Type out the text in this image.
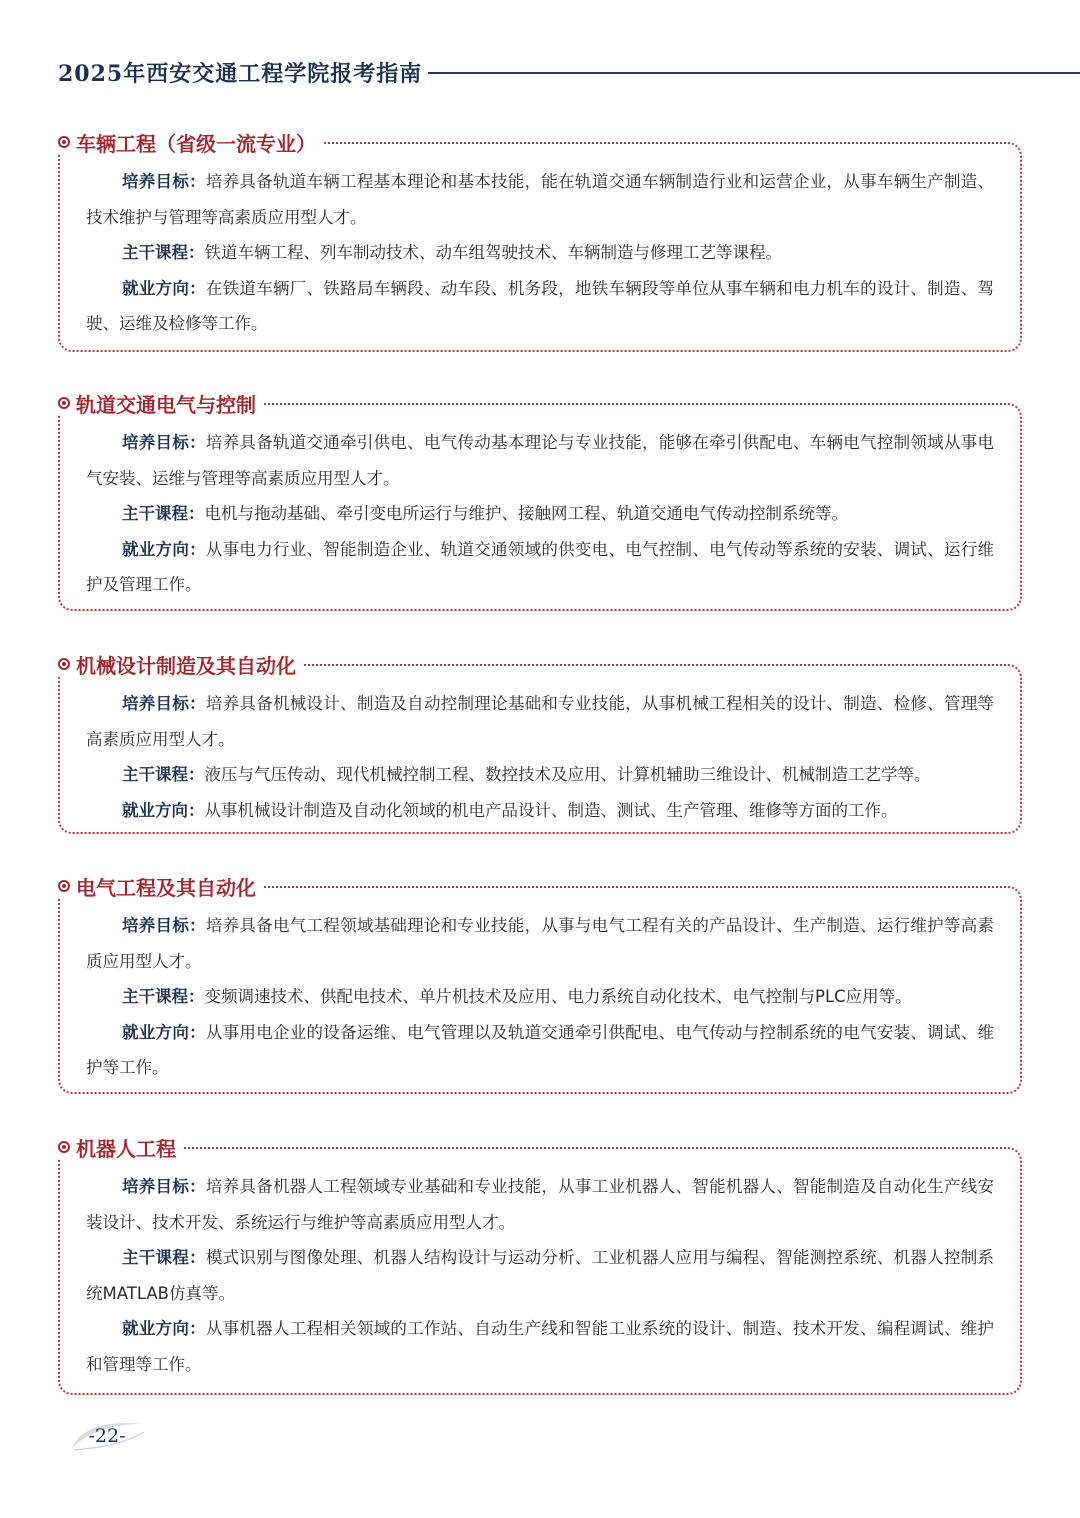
2025年西安交通工程学院报考指南

培养目标：培养具备轨道车辆工程基本理论和基本技能，能在轨道交通车辆制造行业和运营企业，从事车辆生产制造、技术维护与管理等高素质应用型人才。

主干课程：铁道车辆工程、列车制动技术、动车组驾驶技术、车辆制造与修理工艺等课程。

就业方向：在铁道车辆厂、铁路局车辆段、动车段、机务段，地铁车辆段等单位从事车辆和电力机车的设计、制造、驾驶、运维及检修等工作。

车辆工程（省级一流专业）

培养目标：培养具备轨道交通牵引供电、电气传动基本理论与专业技能，能够在牵引供配电、车辆电气控制领域从事电气安装、运维与管理等高素质应用型人才。

主干课程：电机与拖动基础、牵引变电所运行与维护、接触网工程、轨道交通电气传动控制系统等。

就业方向：从事电力行业、智能制造企业、轨道交通领域的供变电、电气控制、电气传动等系统的安装、调试、运行维护及管理工作。

轨道交通电气与控制

培养目标：培养具备机械设计、制造及自动控制理论基础和专业技能，从事机械工程相关的设计、制造、检修、管理等高素质应用型人才。

主干课程：液压与气压传动、现代机械控制工程、数控技术及应用、计算机辅助三维设计、机械制造工艺学等。

就业方向：从事机械设计制造及自动化领域的机电产品设计、制造、测试、生产管理、维修等方面的工作。

机械设计制造及其自动化

培养目标：培养具备电气工程领域基础理论和专业技能，从事与电气工程有关的产品设计、生产制造、运行维护等高素质应用型人才。

主干课程：变频调速技术、供配电技术、单片机技术及应用、电力系统自动化技术、电气控制与PLC应用等。

就业方向：从事用电企业的设备运维、电气管理以及轨道交通牵引供配电、电气传动与控制系统的电气安装、调试、维护等工作。

电气工程及其自动化

培养目标：培养具备机器人工程领域专业基础和专业技能，从事工业机器人、智能机器人、智能制造及自动化生产线安装设计、技术开发、系统运行与维护等高素质应用型人才。

主干课程：模式识别与图像处理、机器人结构设计与运动分析、工业机器人应用与编程、智能测控系统、机器人控制系统MATLAB仿真等。

就业方向：从事机器人工程相关领域的工作站、自动生产线和智能工业系统的设计、制造、技术开发、编程调试、维护和管理等工作。

机器人工程
-22-
